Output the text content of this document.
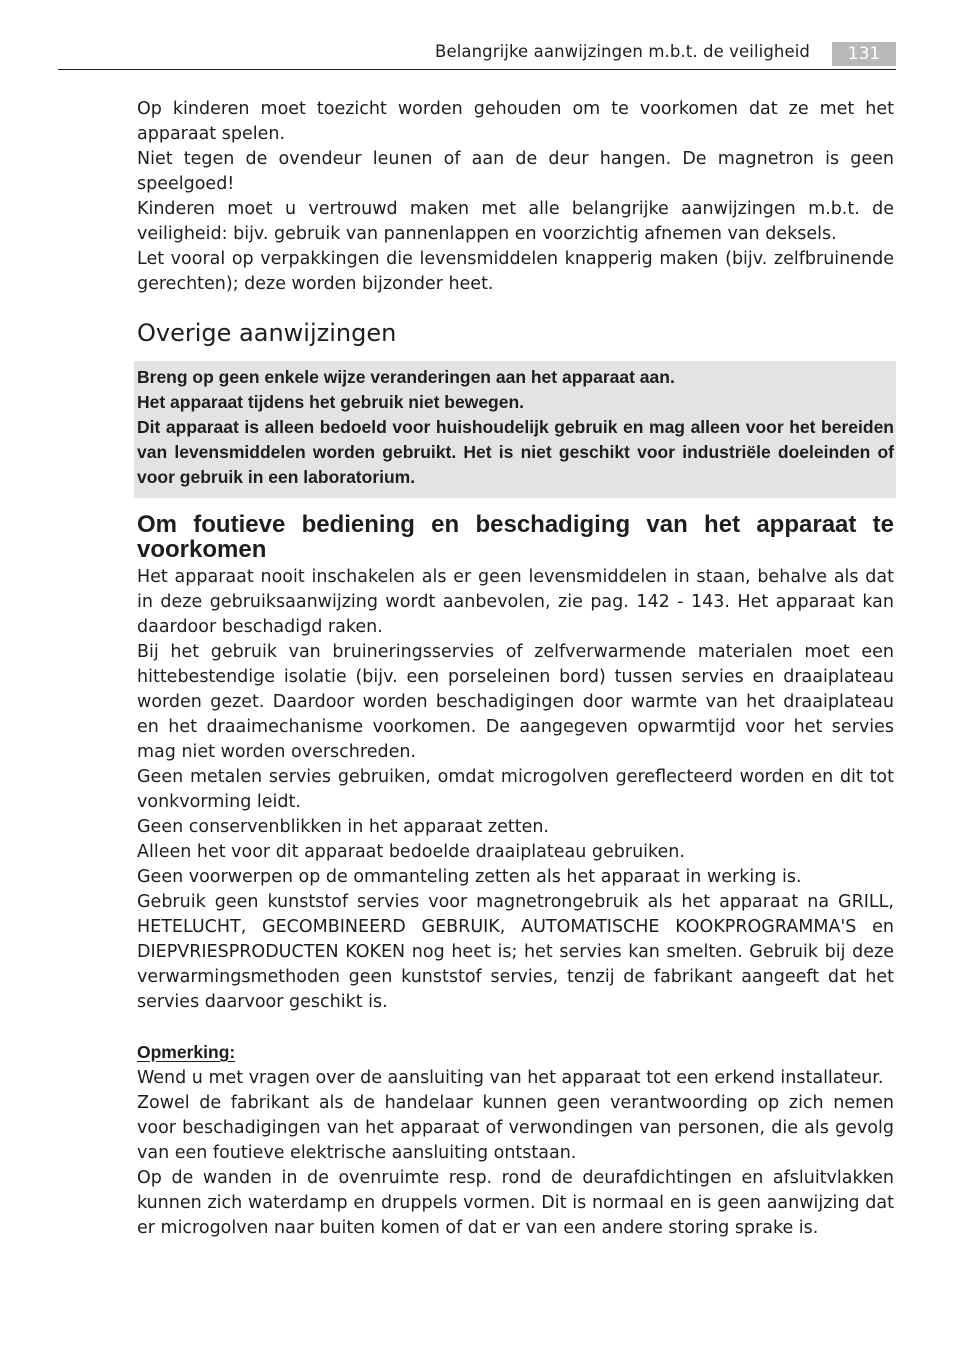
Belangrijke aanwijzingen m.b.t. de veiligheid	131

Op kinderen moet toezicht worden gehouden om te voorkomen dat ze met het apparaat spelen.

Niet tegen de ovendeur leunen of aan de deur hangen. De magnetron is geen speelgoed!

Kinderen moet u vertrouwd maken met alle belangrijke aanwijzingen m.b.t. de veiligheid: bijv. gebruik van pannenlappen en voorzichtig afnemen van deksels.

Let vooral op verpakkingen die levensmiddelen knapperig maken (bijv. zelfbruinende gerechten); deze worden bijzonder heet.

Overige aanwijzingen

Breng op geen enkele wijze veranderingen aan het apparaat aan.

Het apparaat tijdens het gebruik niet bewegen.

Dit apparaat is alleen bedoeld voor huishoudelijk gebruik en mag alleen voor het bereiden van levensmiddelen worden gebruikt. Het is niet geschikt voor industriële doeleinden of voor gebruik in een laboratorium.

Om foutieve bediening en beschadiging van het apparaat te voorkomen

Het apparaat nooit inschakelen als er geen levensmiddelen in staan, behalve als dat in deze gebruiksaanwijzing wordt aanbevolen, zie pag. 142 - 143. Het apparaat kan daardoor beschadigd raken.

Bij het gebruik van bruineringsservies of zelfverwarmende materialen moet een hittebestendige isolatie (bijv. een porseleinen bord) tussen servies en draaiplateau worden gezet. Daardoor worden beschadigingen door warmte van het draaiplateau en het draaimechanisme voorkomen. De aangegeven opwarmtijd voor het servies mag niet worden overschreden.

Geen metalen servies gebruiken, omdat microgolven gereflecteerd worden en dit tot vonkvorming leidt.

Geen conservenblikken in het apparaat zetten.

Alleen het voor dit apparaat bedoelde draaiplateau gebruiken.

Geen voorwerpen op de ommanteling zetten als het apparaat in werking is.

Gebruik geen kunststof servies voor magnetrongebruik als het apparaat na GRILL, HETELUCHT, GECOMBINEERD GEBRUIK, AUTOMATISCHE KOOKPROGRAMMA'S en DIEPVRIESPRODUCTEN KOKEN nog heet is; het servies kan smelten. Gebruik bij deze verwarmingsmethoden geen kunststof servies, tenzij de fabrikant aangeeft dat het servies daarvoor geschikt is.

Opmerking:

Wend u met vragen over de aansluiting van het apparaat tot een erkend installateur.

Zowel de fabrikant als de handelaar kunnen geen verantwoording op zich nemen voor beschadigingen van het apparaat of verwondingen van personen, die als gevolg van een foutieve elektrische aansluiting ontstaan.

Op de wanden in de ovenruimte resp. rond de deurafdichtingen en afsluitvlakken kunnen zich waterdamp en druppels vormen. Dit is normaal en is geen aanwijzing dat er microgolven naar buiten komen of dat er van een andere storing sprake is.
